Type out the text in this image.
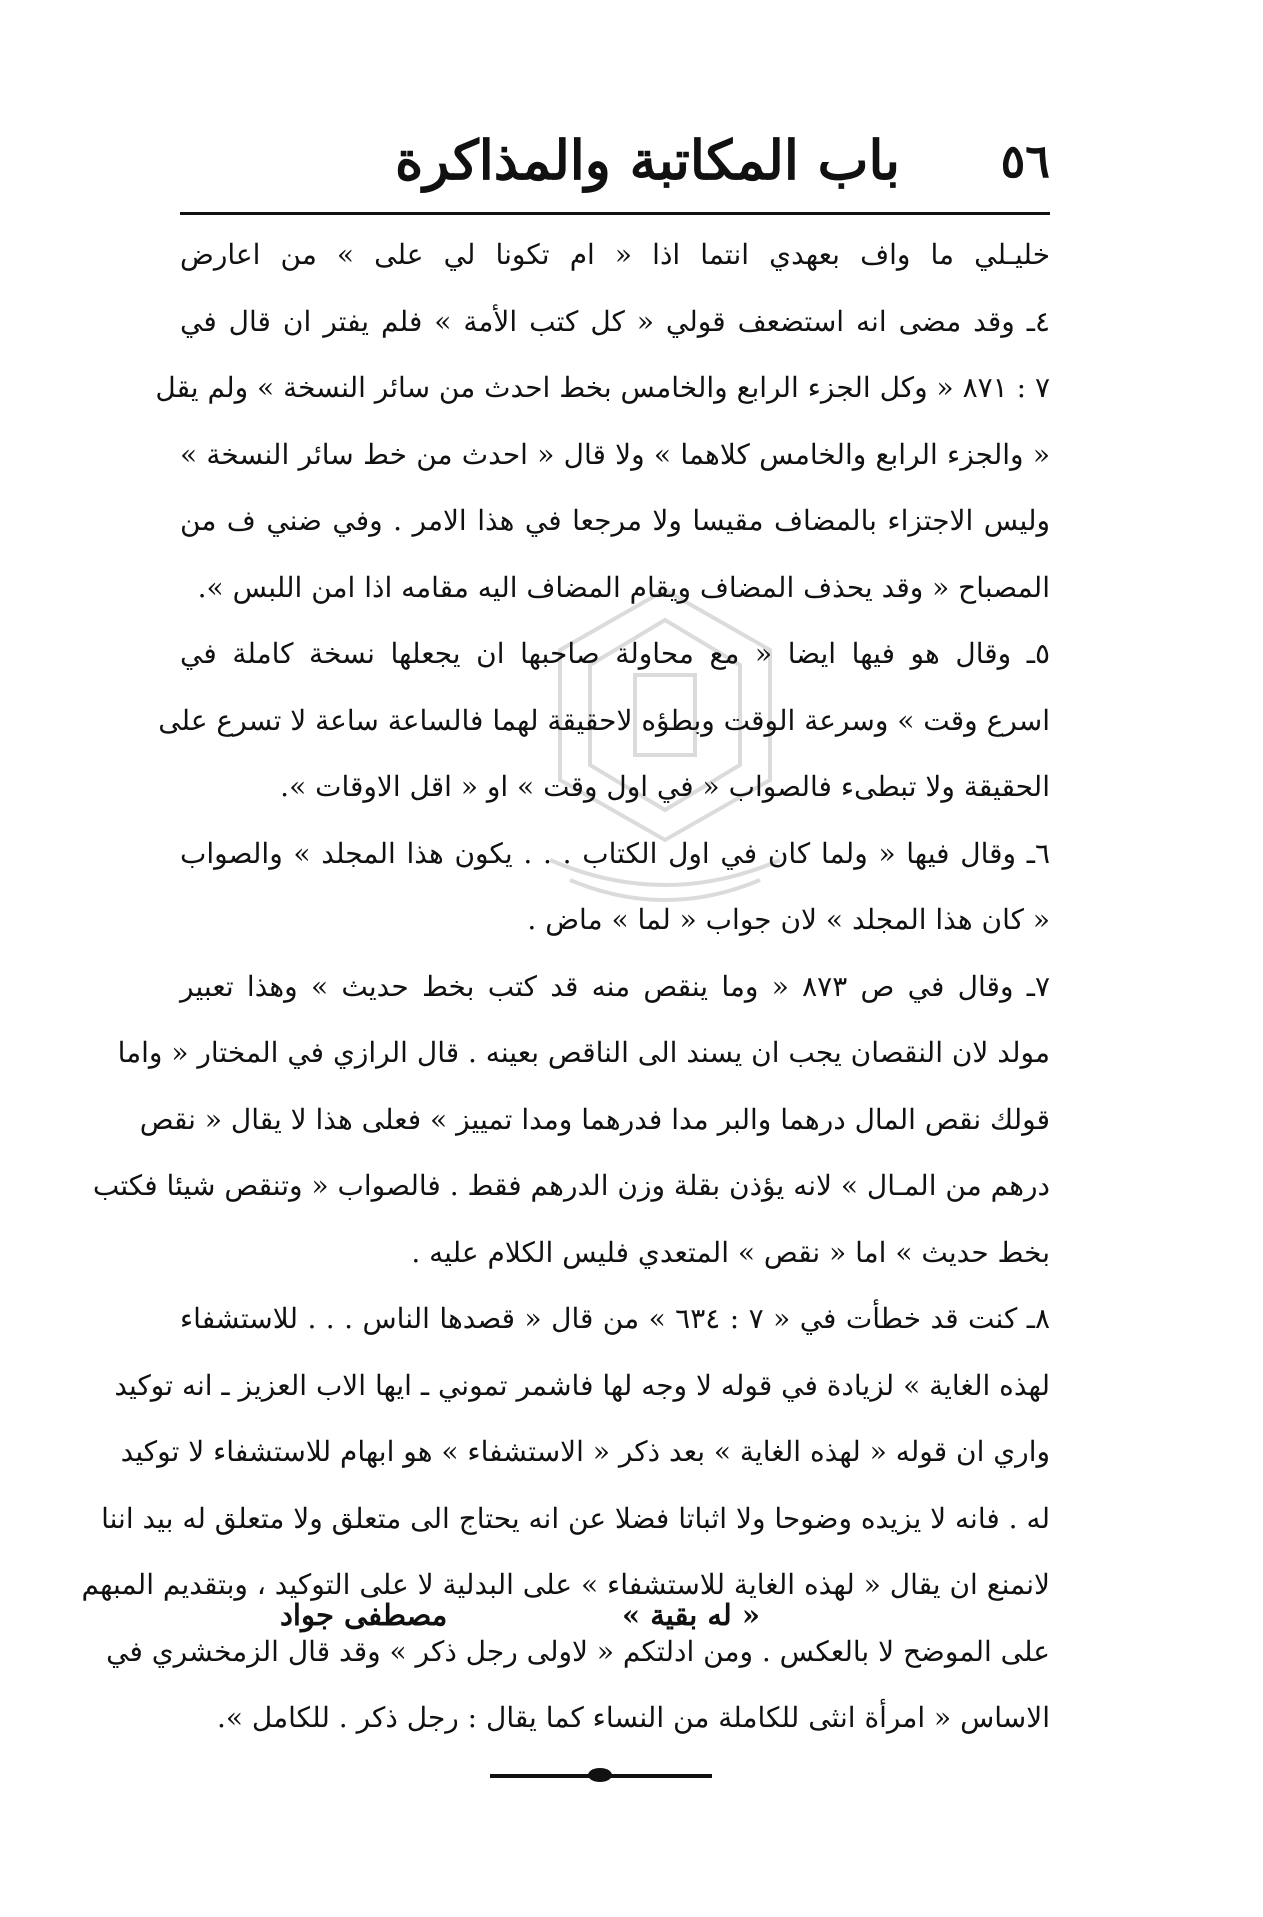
٥٦
باب المكاتبة والمذاكرة
خليـلي ما واف بعهدي انتما اذا « ام تكونا لي على » من اعارض
٤ـ وقد مضى انه استضعف قولي « كل كتب الأمة » فلم يفتر ان قال في
٧ : ٨٧١ « وكل الجزء الرابع والخامس بخط احدث من سائر النسخة » ولم يقل
« والجزء الرابع والخامس كلاهما » ولا قال « احدث من خط سائر النسخة »
وليس الاجتزاء بالمضاف مقيسا ولا مرجعا في هذا الامر . وفي ضني ف من
المصباح « وقد يحذف المضاف ويقام المضاف اليه مقامه اذا امن اللبس ».
٥ـ وقال هو فيها ايضا « مع محاولة صاحبها ان يجعلها نسخة كاملة في
اسرع وقت » وسرعة الوقت وبطؤه لاحقيقة لهما فالساعة ساعة لا تسرع على
الحقيقة ولا تبطىء فالصواب « في اول وقت » او « اقل الاوقات ».
٦ـ وقال فيها « ولما كان في اول الكتاب . . . يكون هذا المجلد » والصواب
« كان هذا المجلد » لان جواب « لما » ماض .
٧ـ وقال في ص ٨٧٣ « وما ينقص منه قد كتب بخط حديث » وهذا تعبير
مولد لان النقصان يجب ان يسند الى الناقص بعينه . قال الرازي في المختار « واما
قولك نقص المال درهما والبر مدا فدرهما ومدا تمييز » فعلى هذا لا يقال « نقص
درهم من المـال » لانه يؤذن بقلة وزن الدرهم فقط . فالصواب « وتنقص شيئا فكتب
بخط حديث » اما « نقص » المتعدي فليس الكلام عليه .
٨ـ كنت قد خطأت في « ٧ : ٦٣٤ » من قال « قصدها الناس . . . للاستشفاء
لهذه الغاية » لزيادة في قوله لا وجه لها فاشمر تموني ـ ايها الاب العزيز ـ انه توكيد
واري ان قوله « لهذه الغاية » بعد ذكر « الاستشفاء » هو ابهام للاستشفاء لا توكيد
له . فانه لا يزيده وضوحا ولا اثباتا فضلا عن انه يحتاج الى متعلق ولا متعلق له بيد اننا
لانمنع ان يقال « لهذه الغاية للاستشفاء » على البدلية لا على التوكيد ، وبتقديم المبهم
على الموضح لا بالعكس . ومن ادلتكم « لاولى رجل ذكر » وقد قال الزمخشري في
الاساس « امرأة انثى للكاملة من النساء كما يقال : رجل ذكر . للكامل ».
« له بقية »
مصطفى جواد
